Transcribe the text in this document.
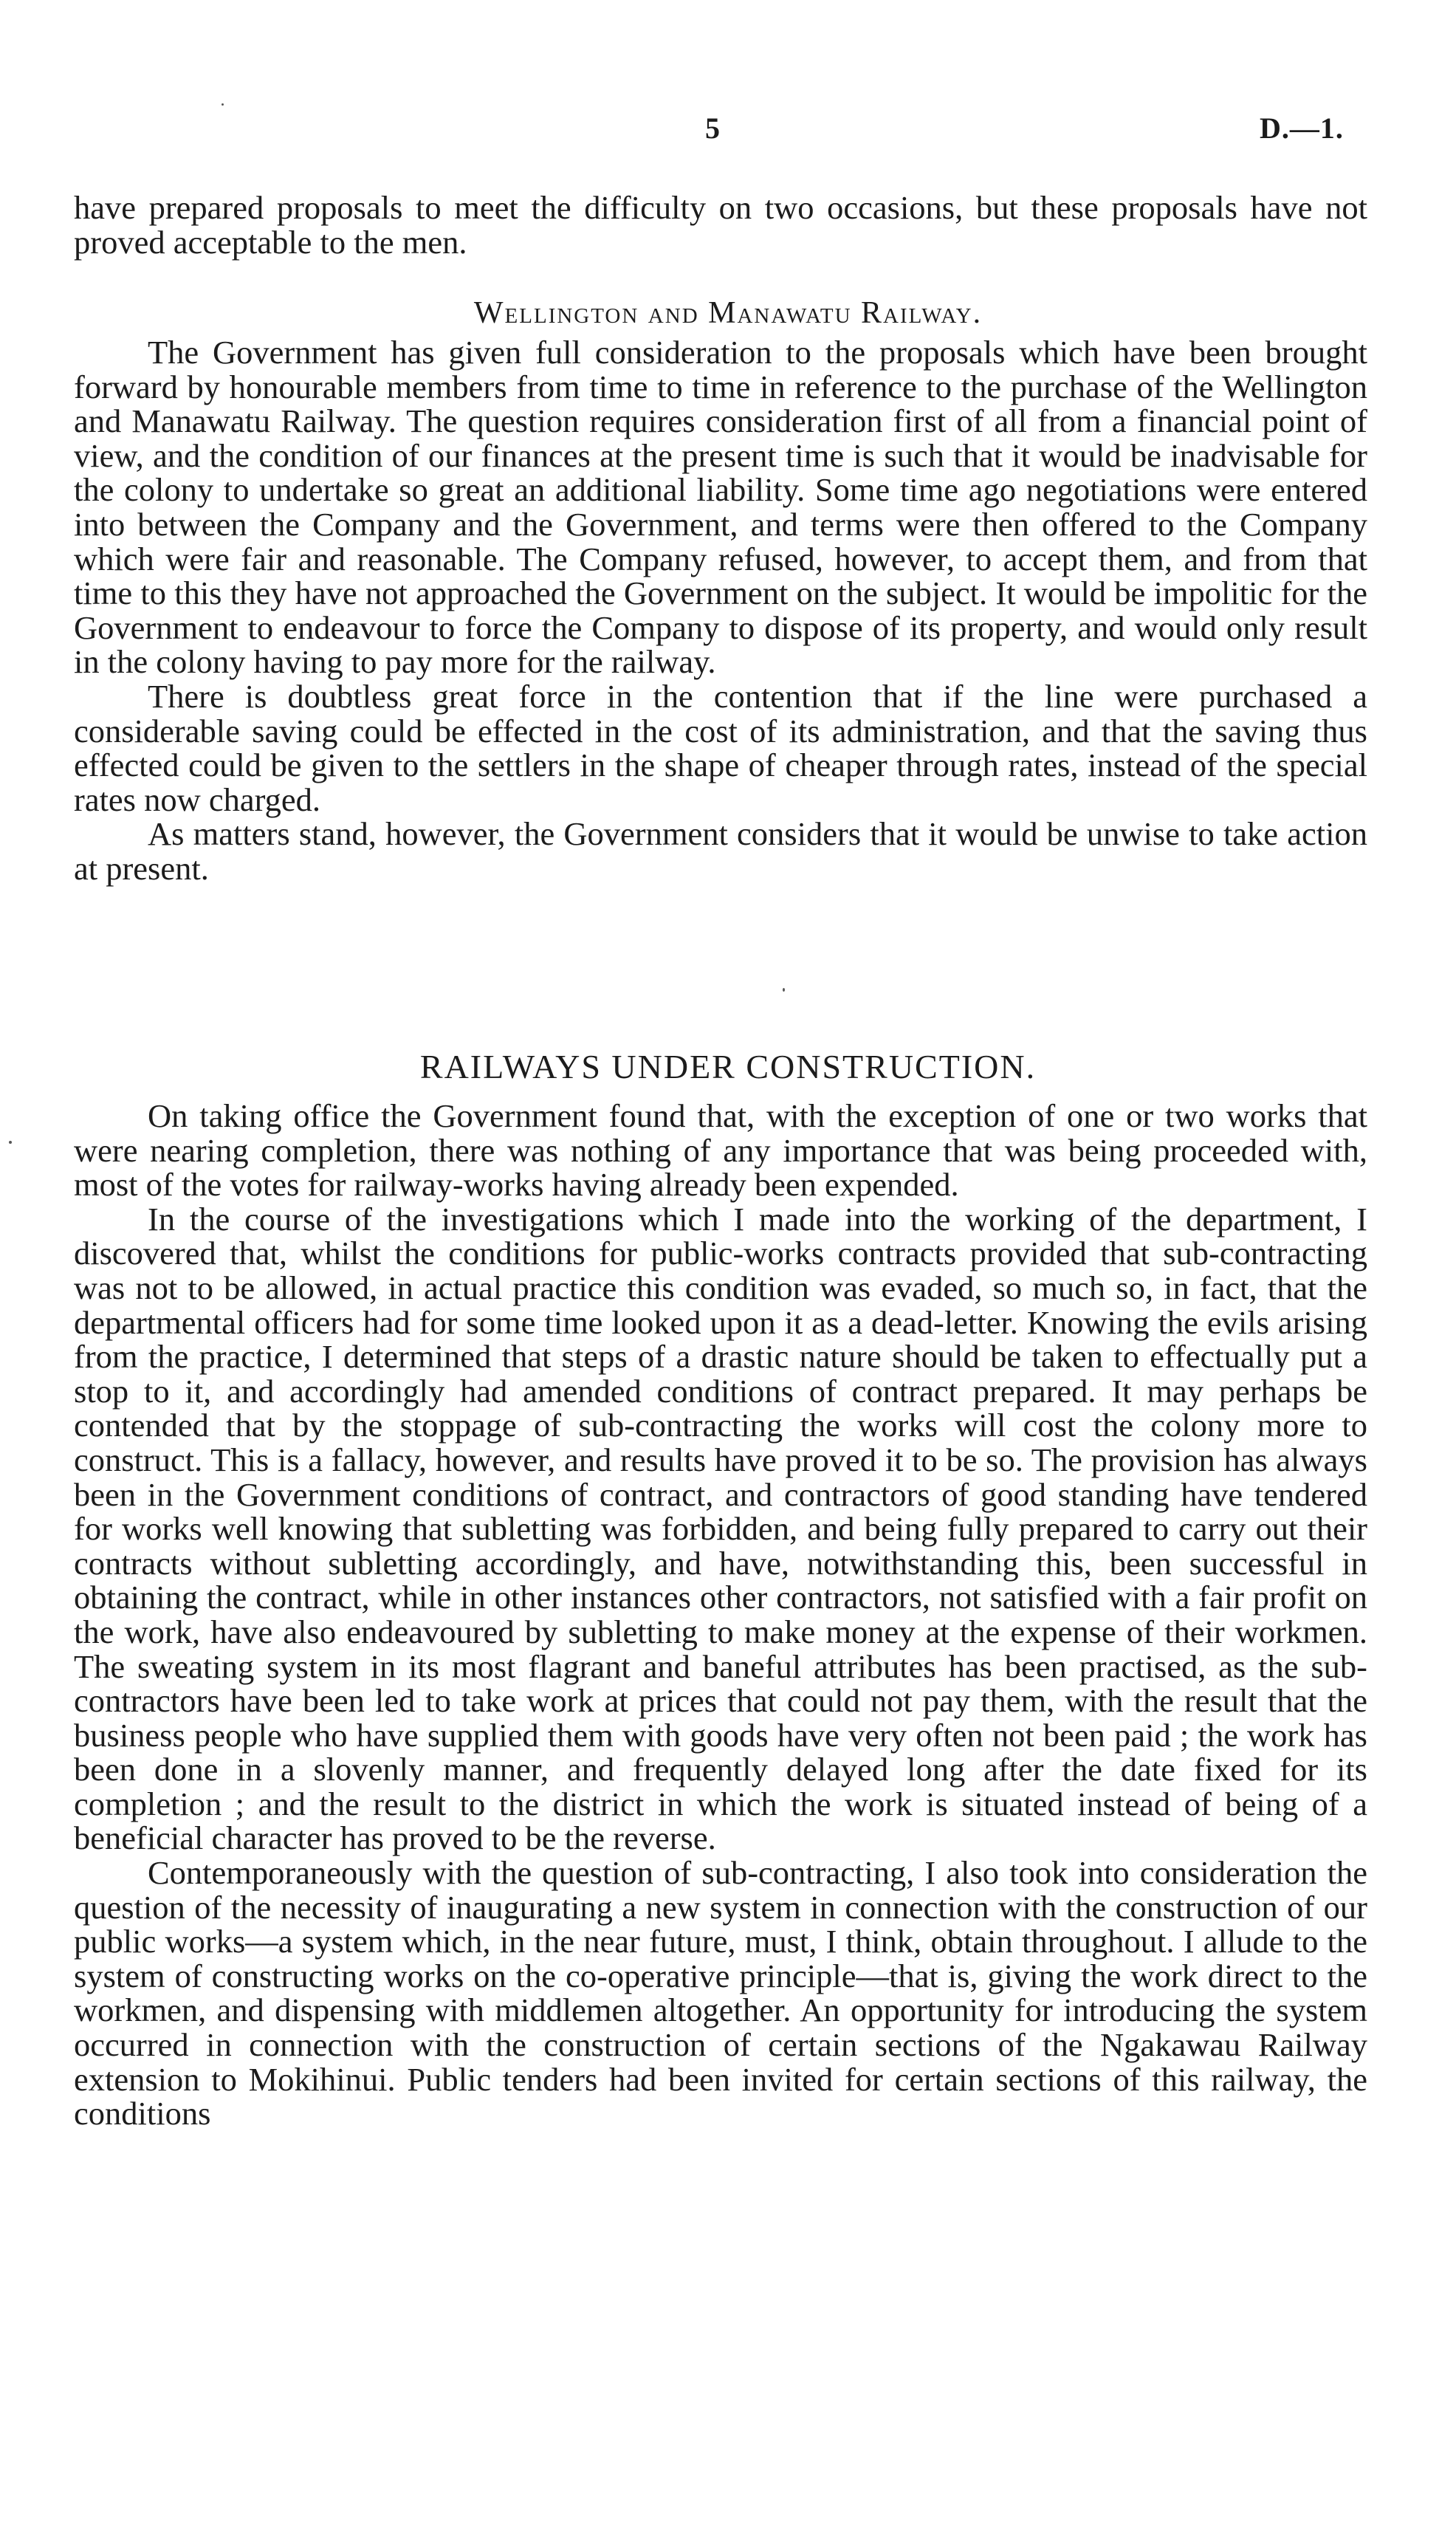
5	D.—1.

have prepared proposals to meet the difficulty on two occasions, but these proposals have not proved acceptable to the men.

Wellington and Manawatu Railway.

The Government has given full consideration to the proposals which have been brought forward by honourable members from time to time in reference to the purchase of the Wellington and Manawatu Railway. The question requires consideration first of all from a financial point of view, and the condition of our finances at the present time is such that it would be inadvisable for the colony to undertake so great an additional liability. Some time ago negotiations were entered into between the Company and the Government, and terms were then offered to the Company which were fair and reasonable. The Company refused, however, to accept them, and from that time to this they have not approached the Government on the subject. It would be impolitic for the Government to endeavour to force the Company to dispose of its property, and would only result in the colony having to pay more for the railway.

There is doubtless great force in the contention that if the line were purchased a considerable saving could be effected in the cost of its administration, and that the saving thus effected could be given to the settlers in the shape of cheaper through rates, instead of the special rates now charged.

As matters stand, however, the Government considers that it would be unwise to take action at present.

RAILWAYS UNDER CONSTRUCTION.

On taking office the Government found that, with the exception of one or two works that were nearing completion, there was nothing of any importance that was being proceeded with, most of the votes for railway-works having already been expended.

In the course of the investigations which I made into the working of the department, I discovered that, whilst the conditions for public-works contracts provided that sub-contracting was not to be allowed, in actual practice this condition was evaded, so much so, in fact, that the departmental officers had for some time looked upon it as a dead-letter. Knowing the evils arising from the practice, I determined that steps of a drastic nature should be taken to effectually put a stop to it, and accordingly had amended conditions of contract prepared. It may perhaps be contended that by the stoppage of sub-contracting the works will cost the colony more to construct. This is a fallacy, however, and results have proved it to be so. The provision has always been in the Government conditions of contract, and contractors of good standing have tendered for works well knowing that subletting was forbidden, and being fully prepared to carry out their contracts without subletting accordingly, and have, notwithstanding this, been successful in obtaining the contract, while in other instances other contractors, not satisfied with a fair profit on the work, have also endeavoured by subletting to make money at the expense of their workmen. The sweating system in its most flagrant and baneful attributes has been practised, as the sub-contractors have been led to take work at prices that could not pay them, with the result that the business people who have supplied them with goods have very often not been paid ; the work has been done in a slovenly manner, and frequently delayed long after the date fixed for its completion ; and the result to the district in which the work is situated instead of being of a beneficial character has proved to be the reverse.

Contemporaneously with the question of sub-contracting, I also took into consideration the question of the necessity of inaugurating a new system in connection with the construction of our public works—a system which, in the near future, must, I think, obtain throughout. I allude to the system of constructing works on the co-operative principle—that is, giving the work direct to the workmen, and dispensing with middlemen altogether. An opportunity for introducing the system occurred in connection with the construction of certain sections of the Ngakawau Railway extension to Mokihinui. Public tenders had been invited for certain sections of this railway, the conditions
